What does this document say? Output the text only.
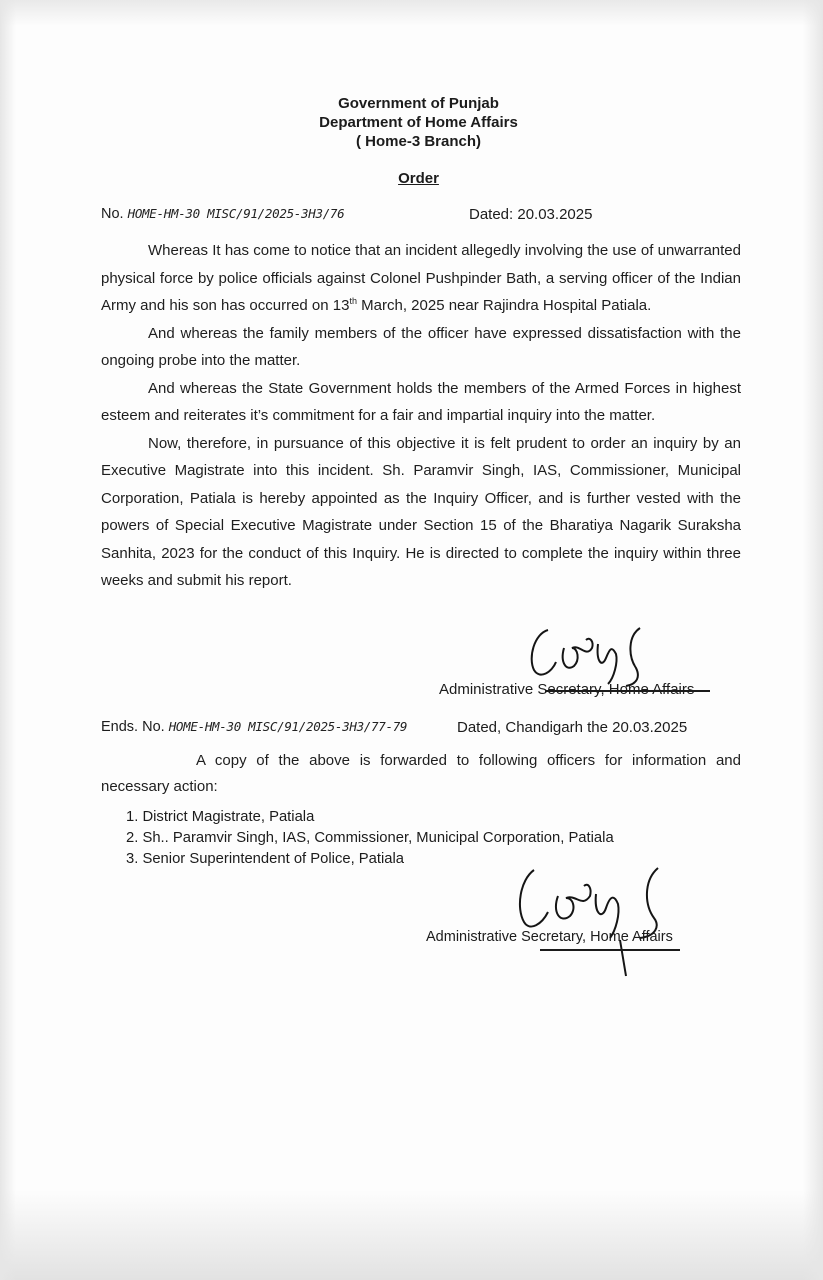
Government of Punjab
Department of Home Affairs
( Home-3 Branch)
Order
No. HOME-HM-30 MISC/91/2025-3H3/76	Dated: 20.03.2025

Whereas It has come to notice that an incident allegedly involving the use of unwarranted physical force by police officials against Colonel Pushpinder Bath, a serving officer of the Indian Army and his son has occurred on 13th March, 2025 near Rajindra Hospital Patiala.

And whereas the family members of the officer have expressed dissatisfaction with the ongoing probe into the matter.

And whereas the State Government holds the members of the Armed Forces in highest esteem and reiterates it’s commitment for a fair and impartial inquiry into the matter.

Now, therefore, in pursuance of this objective it is felt prudent to order an inquiry by an Executive Magistrate into this incident. Sh. Paramvir Singh, IAS, Commissioner, Municipal Corporation, Patiala is hereby appointed as the Inquiry Officer, and is further vested with the powers of Special Executive Magistrate under Section 15 of the Bharatiya Nagarik Suraksha Sanhita, 2023 for the conduct of this Inquiry. He is directed to complete the inquiry within three weeks and submit his report.

Administrative Secretary, Home Affairs
Ends. No. HOME-HM-30 MISC/91/2025-3H3/77-79	Dated, Chandigarh the 20.03.2025

A copy of the above is forwarded to following officers for information and necessary action:

1. District Magistrate, Patiala
2. Sh.. Paramvir Singh, IAS, Commissioner, Municipal Corporation, Patiala
3. Senior Superintendent of Police, Patiala
Administrative Secretary, Home Affairs
